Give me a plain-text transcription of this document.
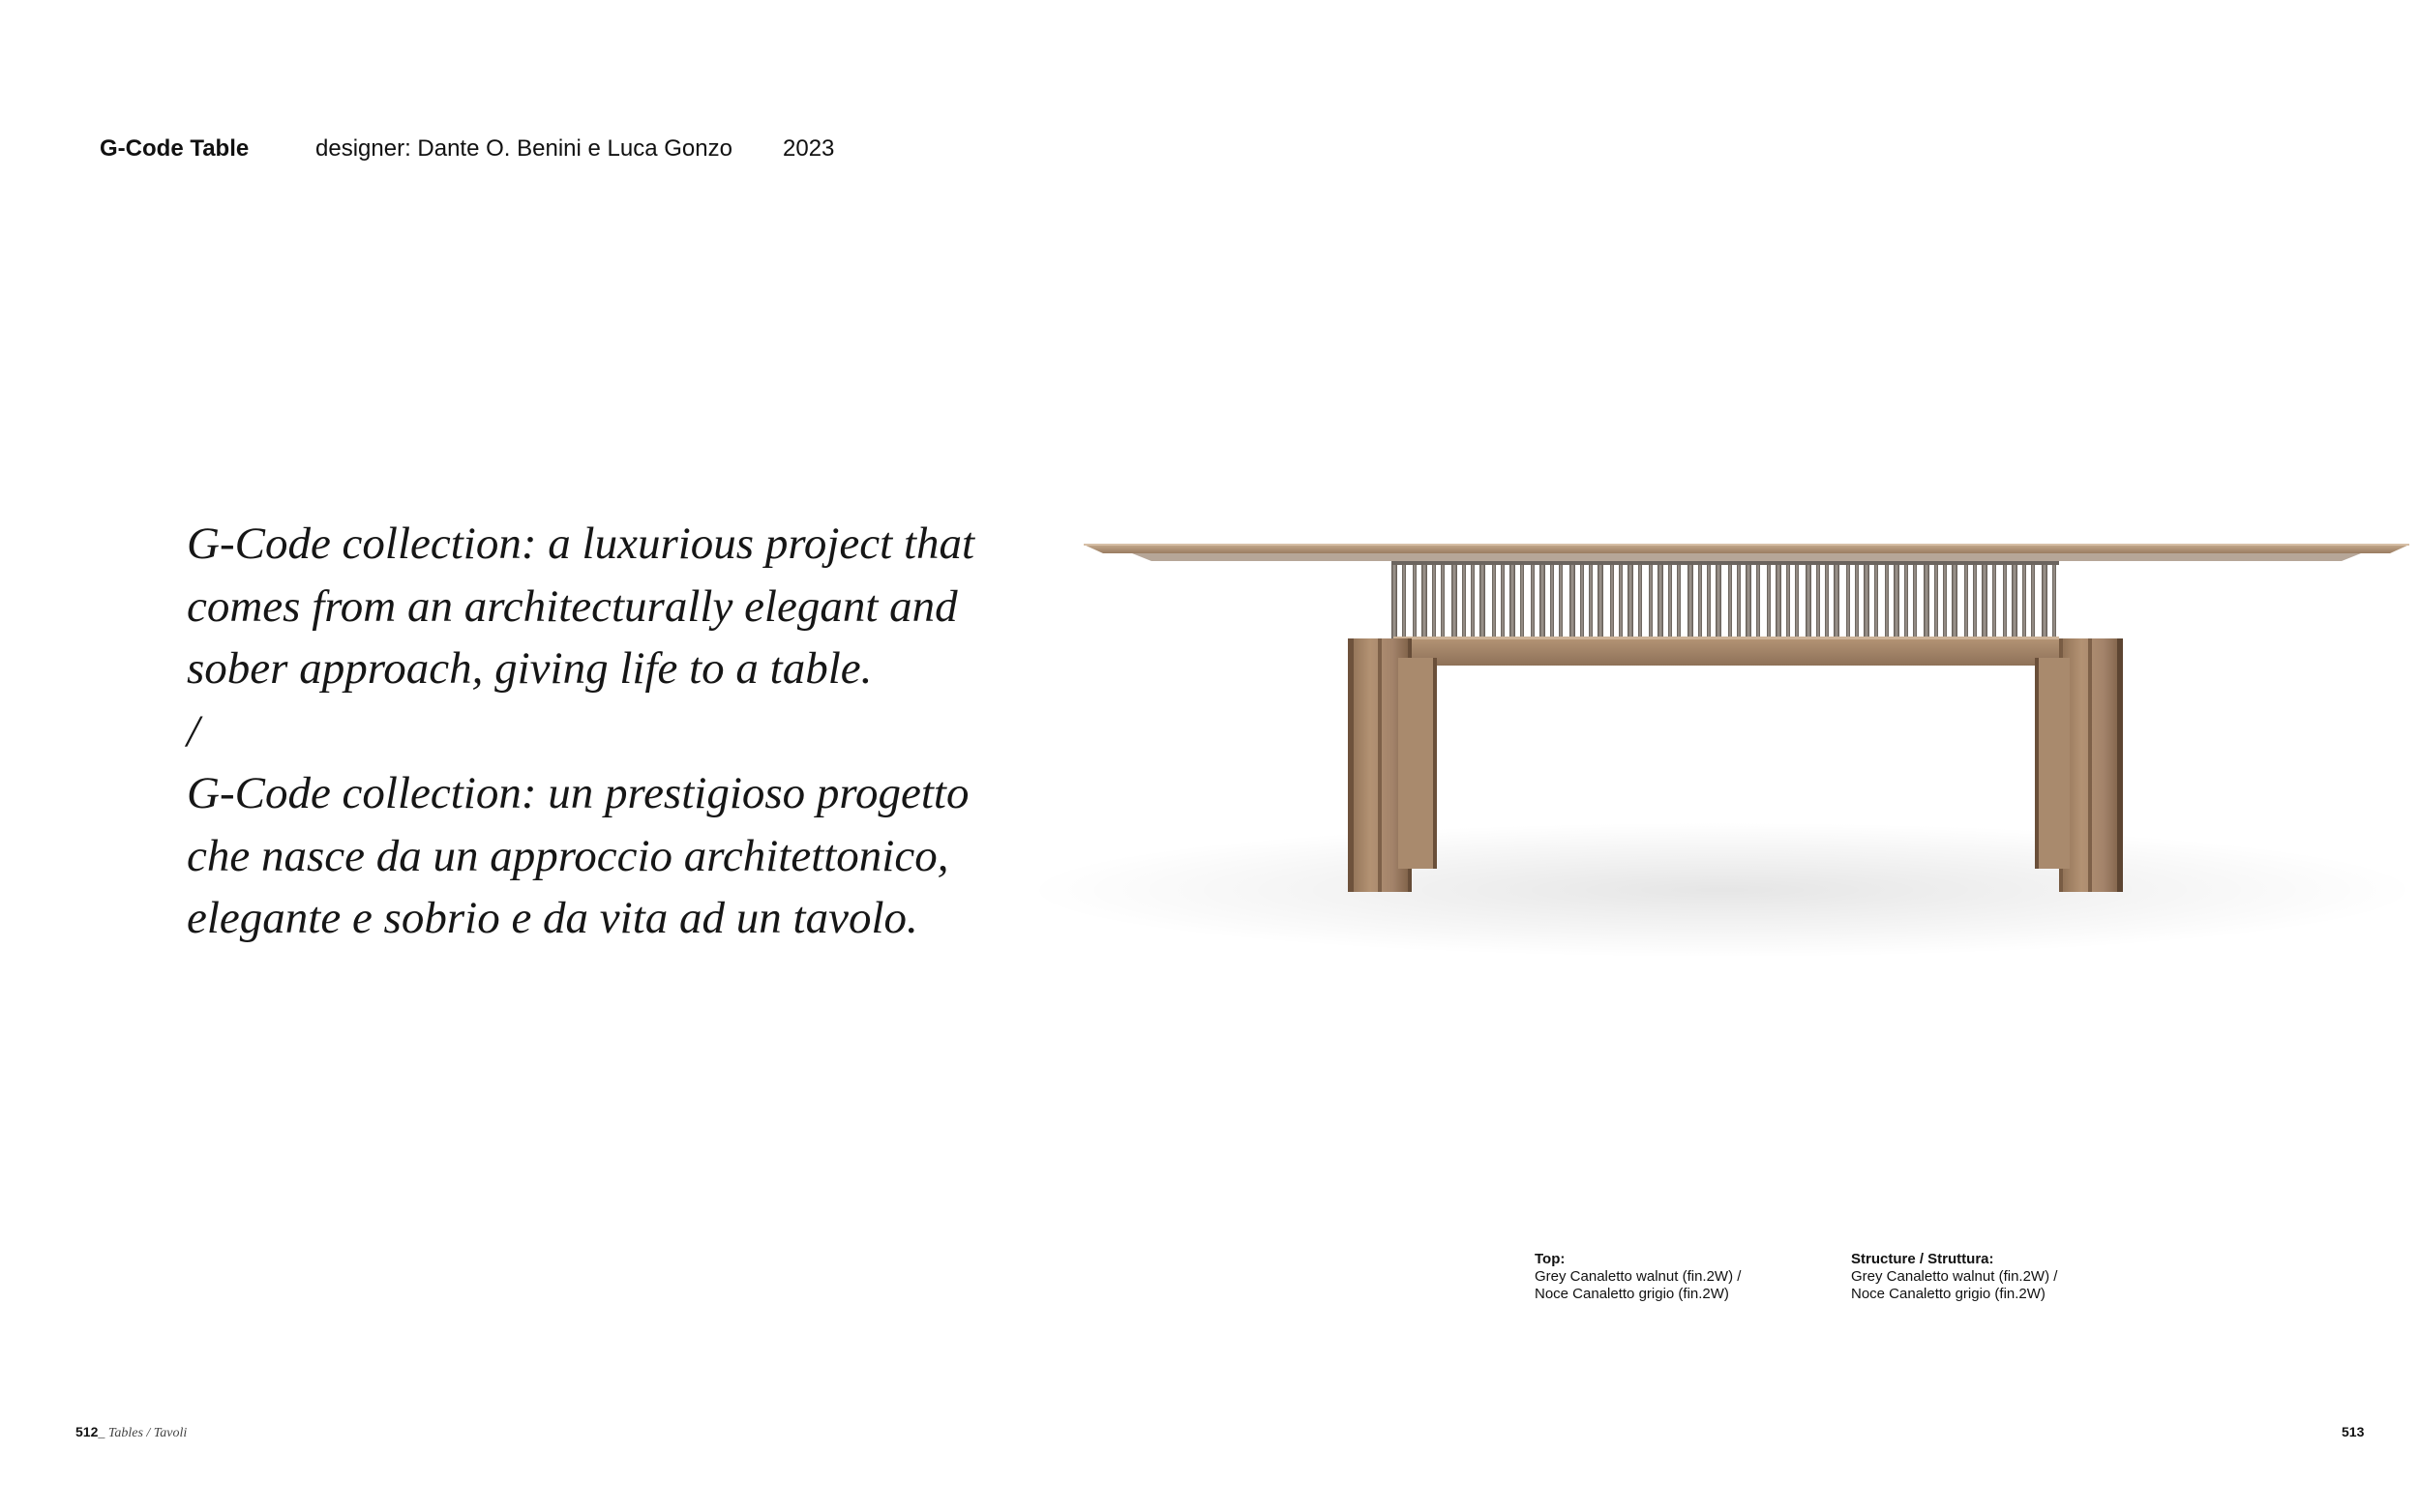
G-Code Table	designer: Dante O. Benini e Luca Gonzo 2023
G-Code collection: a luxurious project that
comes from an architecturally elegant and
sober approach, giving life to a table.
/
G-Code collection: un prestigioso progetto
che nasce da un approccio architettonico,
elegante e sobrio e da vita ad un tavolo.
Top:
Grey Canaletto walnut (fin.2W) /
Noce Canaletto grigio (fin.2W)
Structure / Struttura:
Grey Canaletto walnut (fin.2W) /
Noce Canaletto grigio (fin.2W)
512_ Tables / Tavoli	513
